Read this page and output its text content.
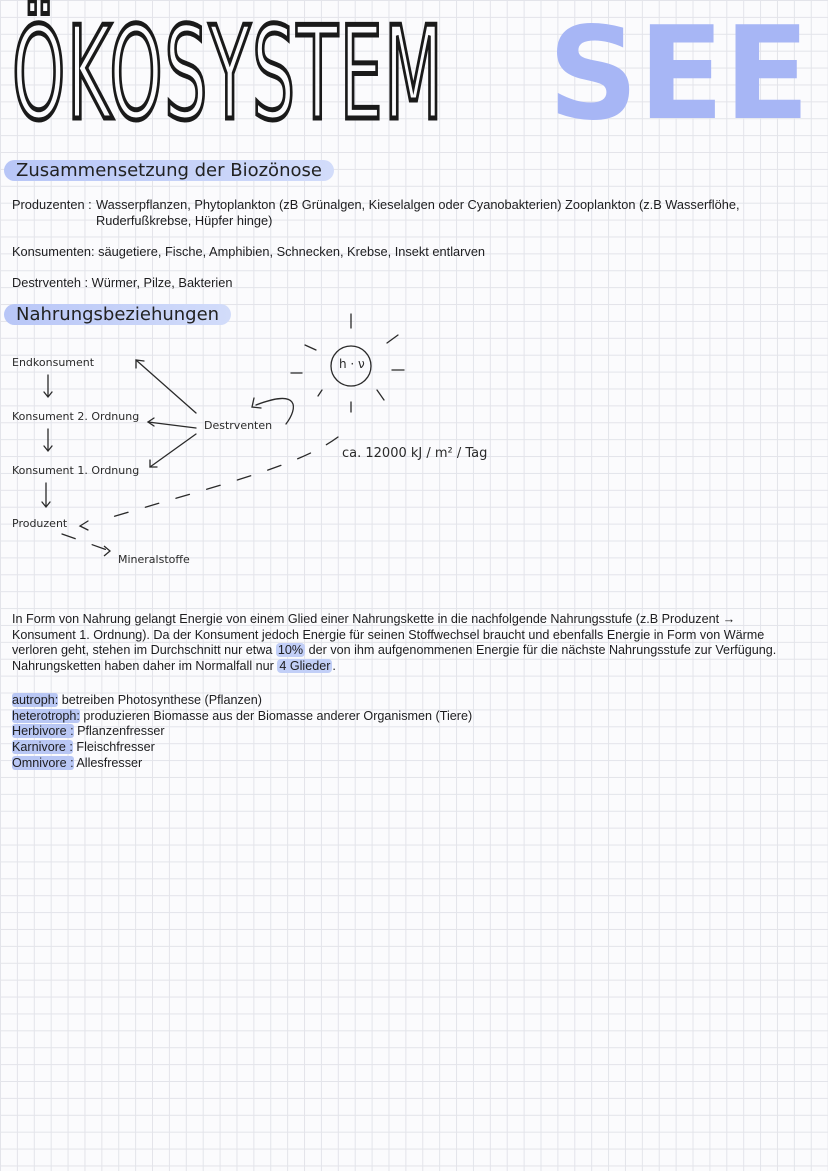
ÖKOSYSTEM SEE
Zusammensetzung der Biozönose
Produzenten : Wasserpflanzen, Phytoplankton (zB Grünalgen, Kieselalgen oder Cyanobakterien) Zooplankton (z.B Wasserflöhe,
Ruderfußkrebse, Hüpfer hinge)
Konsumenten: säugetiere, Fische, Amphibien, Schnecken, Krebse, Insekt entlarven
Destrventeh : Würmer, Pilze, Bakterien
Nahrungsbeziehungen
Endkonsument
Konsument 2. Ordnung
Konsument 1. Ordnung
Produzent
Destrventen
Mineralstoffe
h · ν
ca. 12000 kJ / m² / Tag
In Form von Nahrung gelangt Energie von einem Glied einer Nahrungskette in die nachfolgende Nahrungsstufe (z.B Produzent → Konsument 1. Ordnung). Da der Konsument jedoch Energie für seinen Stoffwechsel braucht und ebenfalls Energie in Form von Wärme verloren geht, stehen im Durchschnitt nur etwa 10% der von ihm aufgenommenen Energie für die nächste Nahrungsstufe zur Verfügung. Nahrungsketten haben daher im Normalfall nur 4 Glieder .
autroph: betreiben Photosynthese (Pflanzen)
heterotroph: produzieren Biomasse aus der Biomasse anderer Organismen (Tiere)
Herbivore : Pflanzenfresser
Karnivore : Fleischfresser
Omnivore : Allesfresser
